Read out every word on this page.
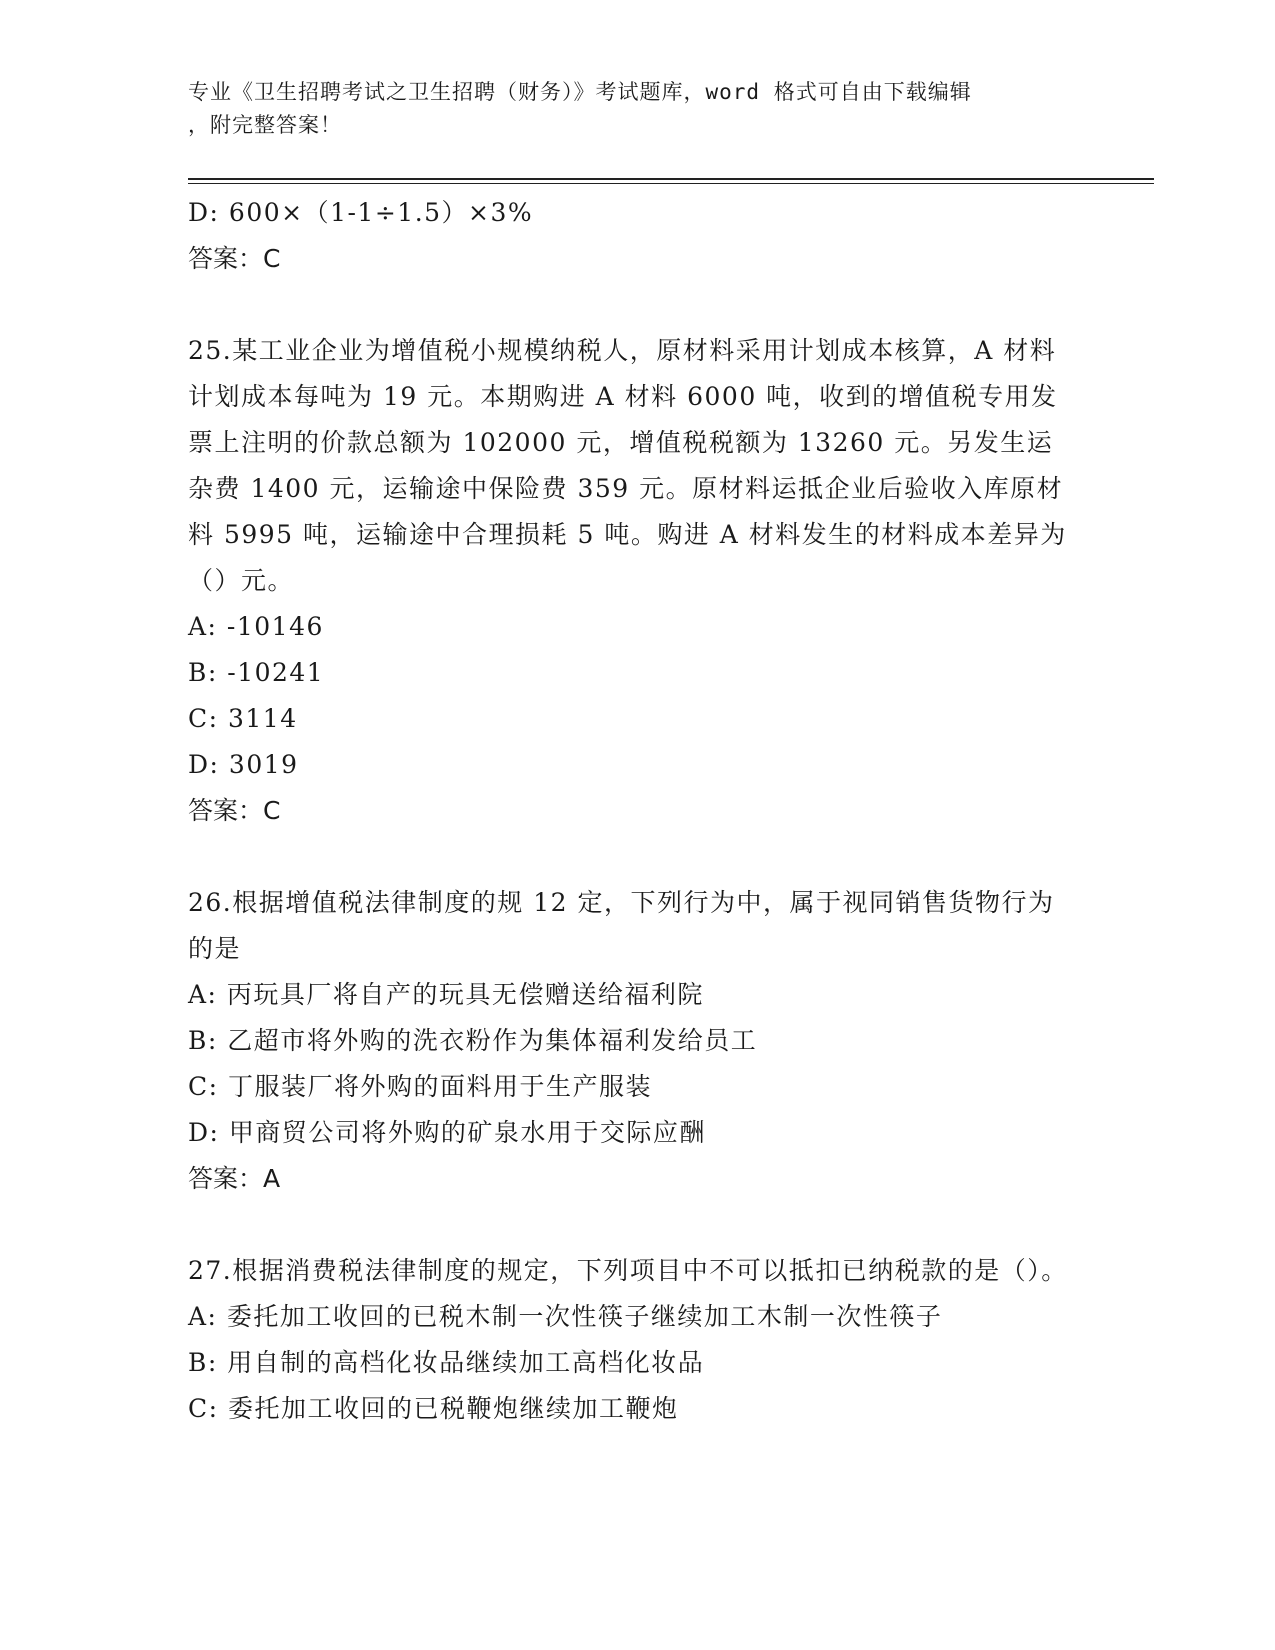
专业《卫生招聘考试之卫生招聘（财务）》考试题库，word 格式可自由下载编辑
，附完整答案！
D: 600×（1-1÷1.5）×3%
答案：C
25.某工业企业为增值税小规模纳税人，原材料采用计划成本核算，A 材料计划成本每吨为 19 元。本期购进 A 材料 6000 吨，收到的增值税专用发票上注明的价款总额为 102000 元，增值税税额为 13260 元。另发生运杂费 1400 元，运输途中保险费 359 元。原材料运抵企业后验收入库原材料 5995 吨，运输途中合理损耗 5 吨。购进 A 材料发生的材料成本差异为（）元。
A: -10146
B: -10241
C: 3114
D: 3019
答案：C
26.根据增值税法律制度的规 12 定，下列行为中，属于视同销售货物行为的是
A: 丙玩具厂将自产的玩具无偿赠送给福利院
B: 乙超市将外购的洗衣粉作为集体福利发给员工
C: 丁服装厂将外购的面料用于生产服装
D: 甲商贸公司将外购的矿泉水用于交际应酬
答案：A
27.根据消费税法律制度的规定，下列项目中不可以抵扣已纳税款的是（）。
A: 委托加工收回的已税木制一次性筷子继续加工木制一次性筷子
B: 用自制的高档化妆品继续加工高档化妆品
C: 委托加工收回的已税鞭炮继续加工鞭炮
